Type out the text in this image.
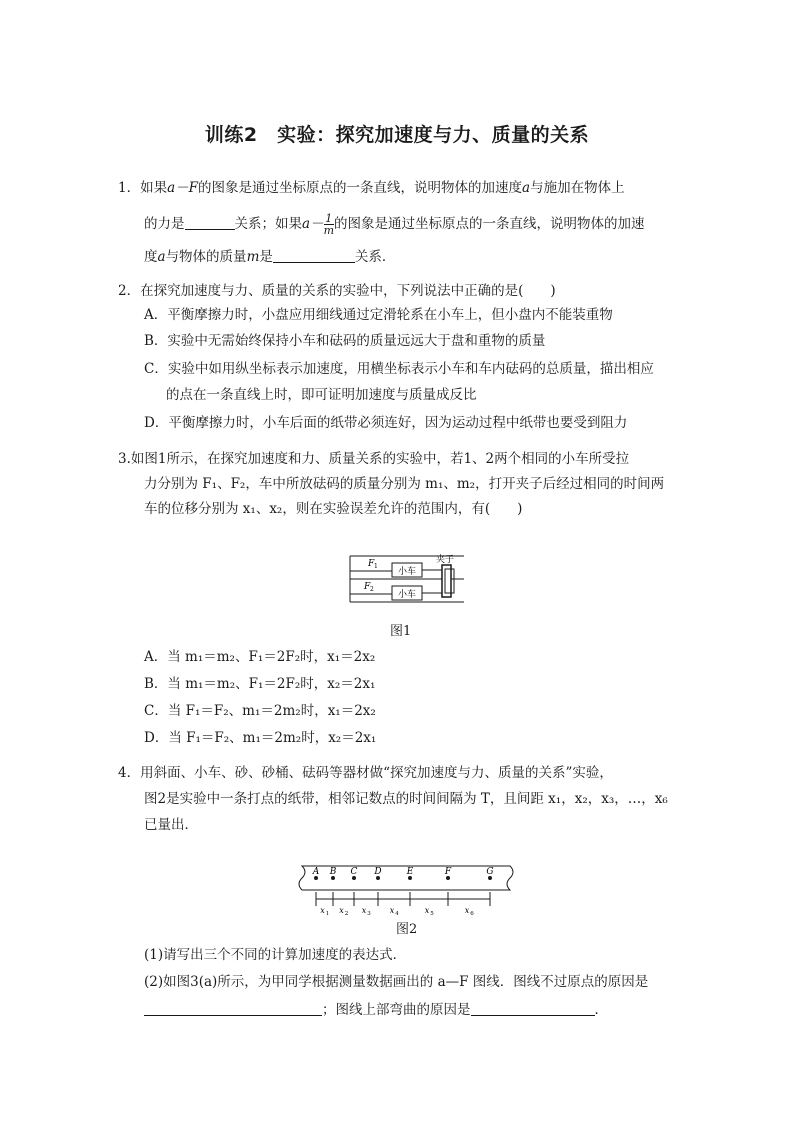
训练2　实验：探究加速度与力、质量的关系
1．如果a－F的图象是通过坐标原点的一条直线，说明物体的加速度a与施加在物体上
的力是	关系；如果$a- \frac{1}{m}$ 的图象是通过坐标原点的一条直线，说明物体的加速
度a与物体的质量m是	关系．
2．在探究加速度与力、质量的关系的实验中，下列说法中正确的是(　　)
A．平衡摩擦力时，小盘应用细线通过定滑轮系在小车上，但小盘内不能装重物
B．实验中无需始终保持小车和砝码的质量远远大于盘和重物的质量
C．实验中如用纵坐标表示加速度，用横坐标表示小车和车内砝码的总质量，描出相应
的点在一条直线上时，即可证明加速度与质量成反比
D．平衡摩擦力时，小车后面的纸带必须连好，因为运动过程中纸带也要受到阻力
3.如图1所示，在探究加速度和力、质量关系的实验中，若1、2两个相同的小车所受拉
力分别为 F₁、F₂，车中所放砝码的质量分别为 m₁、m₂，打开夹子后经过相同的时间两
车的位移分别为 x₁、x₂，则在实验误差允许的范围内，有(　　)
F 1
F 2
小车
小车
夹子
图1
A．当 m₁＝m₂、F₁＝2F₂时，x₁＝2x₂
B．当 m₁＝m₂、F₁＝2F₂时，x₂＝2x₁
C．当 F₁＝F₂、m₁＝2m₂时，x₁＝2x₂
D．当 F₁＝F₂、m₁＝2m₂时，x₂＝2x₁
4．用斜面、小车、砂、砂桶、砝码等器材做“探究加速度与力、质量的关系”实验，
图2是实验中一条打点的纸带，相邻记数点的时间间隔为 T，且间距 x₁，x₂，x₃，…，x₆
已量出．
A B C D	E	F	G
x 1 x 2 x 3 x 4	x 5	x 6
图2
(1)请写出三个不同的计算加速度的表达式．
(2)如图3(a)所示，为甲同学根据测量数据画出的 a—F 图线．图线不过原点的原因是
；图线上部弯曲的原因是	．
